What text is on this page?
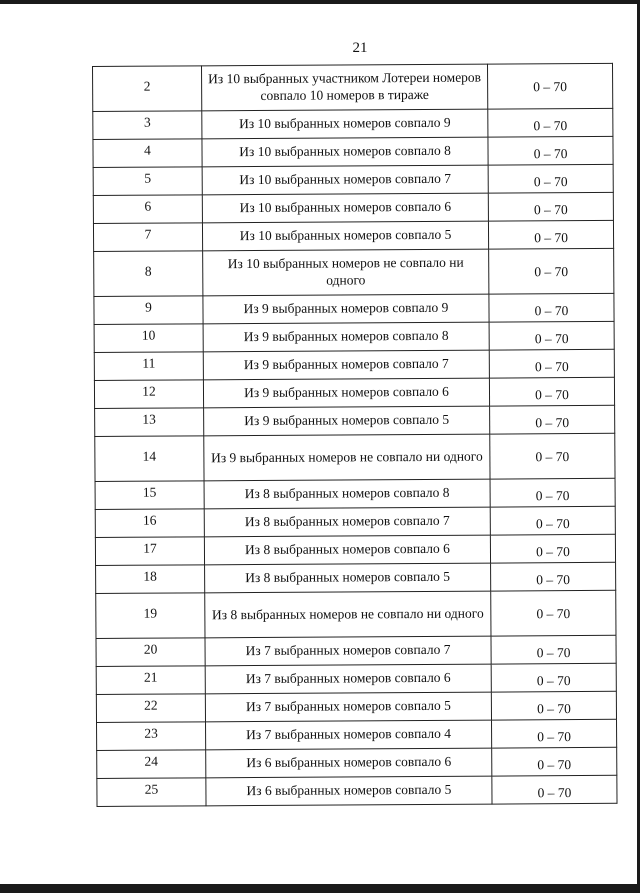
21
2	Из 10 выбранных участником Лотереи номеров совпало 10 номеров в тираже	0 – 70
3	Из 10 выбранных номеров совпало 9	0 – 70
4	Из 10 выбранных номеров совпало 8	0 – 70
5	Из 10 выбранных номеров совпало 7	0 – 70
6	Из 10 выбранных номеров совпало 6	0 – 70
7	Из 10 выбранных номеров совпало 5	0 – 70
8	Из 10 выбранных номеров не совпало ни одного	0 – 70
9	Из 9 выбранных номеров совпало 9	0 – 70
10	Из 9 выбранных номеров совпало 8	0 – 70
11	Из 9 выбранных номеров совпало 7	0 – 70
12	Из 9 выбранных номеров совпало 6	0 – 70
13	Из 9 выбранных номеров совпало 5	0 – 70
14	Из 9 выбранных номеров не совпало ни одного	0 – 70
15	Из 8 выбранных номеров совпало 8	0 – 70
16	Из 8 выбранных номеров совпало 7	0 – 70
17	Из 8 выбранных номеров совпало 6	0 – 70
18	Из 8 выбранных номеров совпало 5	0 – 70
19	Из 8 выбранных номеров не совпало ни одного	0 – 70
20	Из 7 выбранных номеров совпало 7	0 – 70
21	Из 7 выбранных номеров совпало 6	0 – 70
22	Из 7 выбранных номеров совпало 5	0 – 70
23	Из 7 выбранных номеров совпало 4	0 – 70
24	Из 6 выбранных номеров совпало 6	0 – 70
25	Из 6 выбранных номеров совпало 5	0 – 70
